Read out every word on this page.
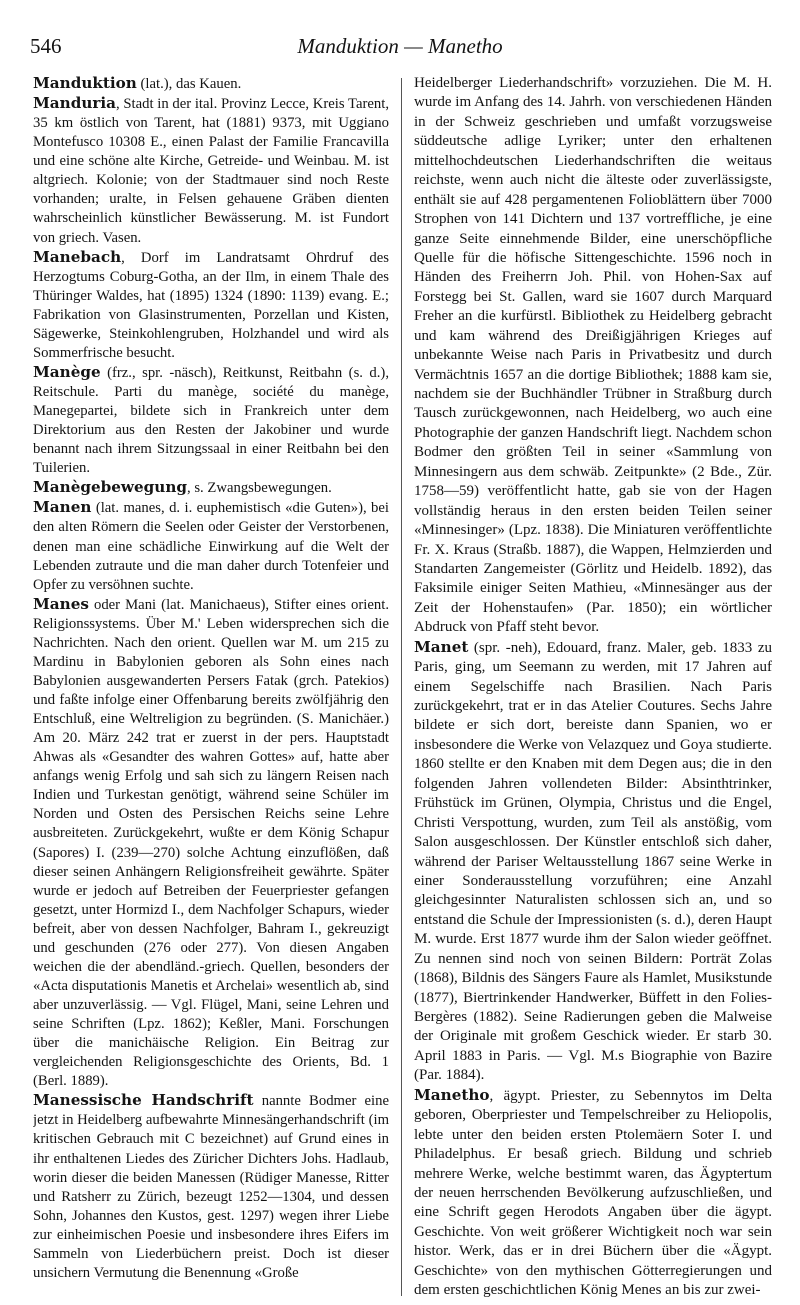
546	Manduktion — Manetho

Manduktion (lat.), das Kauen.

Manduria, Stadt in der ital. Provinz Lecce, Kreis Tarent, 35 km östlich von Tarent, hat (1881) 9373, mit Uggiano Montefusco 10308 E., einen Palast der Familie Francavilla und eine schöne alte Kirche, Getreide- und Weinbau. M. ist altgriech. Kolonie; von der Stadtmauer sind noch Reste vorhanden; uralte, in Felsen gehauene Gräben dienten wahrscheinlich künstlicher Bewässerung. M. ist Fundort von griech. Vasen.

Manebach, Dorf im Landratsamt Ohrdruf des Herzogtums Coburg-Gotha, an der Ilm, in einem Thale des Thüringer Waldes, hat (1895) 1324 (1890: 1139) evang. E.; Fabrikation von Glasinstrumenten, Porzellan und Kisten, Sägewerke, Steinkohlengruben, Holzhandel und wird als Sommerfrische besucht.

Manège (frz., spr. -näsch), Reitkunst, Reitbahn (s. d.), Reitschule. Parti du manège, société du manège, Manegepartei, bildete sich in Frankreich unter dem Direktorium aus den Resten der Jakobiner und wurde benannt nach ihrem Sitzungssaal in einer Reitbahn bei den Tuilerien.

Manègebewegung, s. Zwangsbewegungen.

Manen (lat. manes, d. i. euphemistisch «die Guten»), bei den alten Römern die Seelen oder Geister der Verstorbenen, denen man eine schädliche Einwirkung auf die Welt der Lebenden zutraute und die man daher durch Totenfeier und Opfer zu versöhnen suchte.

Manes oder Mani (lat. Manichaeus), Stifter eines orient. Religionssystems. Über M.' Leben widersprechen sich die Nachrichten. Nach den orient. Quellen war M. um 215 zu Mardinu in Babylonien geboren als Sohn eines nach Babylonien ausgewanderten Persers Fatak (grch. Patekios) und faßte infolge einer Offenbarung bereits zwölfjährig den Entschluß, eine Weltreligion zu begründen. (S. Manichäer.) Am 20. März 242 trat er zuerst in der pers. Hauptstadt Ahwas als «Gesandter des wahren Gottes» auf, hatte aber anfangs wenig Erfolg und sah sich zu längern Reisen nach Indien und Turkestan genötigt, während seine Schüler im Norden und Osten des Persischen Reichs seine Lehre ausbreiteten. Zurückgekehrt, wußte er dem König Schapur (Sapores) I. (239—270) solche Achtung einzuflößen, daß dieser seinen Anhängern Religionsfreiheit gewährte. Später wurde er jedoch auf Betreiben der Feuerpriester gefangen gesetzt, unter Hormizd I., dem Nachfolger Schapurs, wieder befreit, aber von dessen Nachfolger, Bahram I., gekreuzigt und geschunden (276 oder 277). Von diesen Angaben weichen die der abendländ.-griech. Quellen, besonders der «Acta disputationis Manetis et Archelai» wesentlich ab, sind aber unzuverlässig. — Vgl. Flügel, Mani, seine Lehren und seine Schriften (Lpz. 1862); Keßler, Mani. Forschungen über die manichäische Religion. Ein Beitrag zur vergleichenden Religionsgeschichte des Orients, Bd. 1 (Berl. 1889).

Manessische Handschrift nannte Bodmer eine jetzt in Heidelberg aufbewahrte Minnesängerhandschrift (im kritischen Gebrauch mit C bezeichnet) auf Grund eines in ihr enthaltenen Liedes des Züricher Dichters Johs. Hadlaub, worin dieser die beiden Manessen (Rüdiger Manesse, Ritter und Ratsherr zu Zürich, bezeugt 1252—1304, und dessen Sohn, Johannes den Kustos, gest. 1297) wegen ihrer Liebe zur einheimischen Poesie und insbesondere ihres Eifers im Sammeln von Liederbüchern preist. Doch ist dieser unsichern Vermutung die Benennung «Große

Heidelberger Liederhandschrift» vorzuziehen. Die M. H. wurde im Anfang des 14. Jahrh. von verschiedenen Händen in der Schweiz geschrieben und umfaßt vorzugsweise süddeutsche adlige Lyriker; unter den erhaltenen mittelhochdeutschen Liederhandschriften die weitaus reichste, wenn auch nicht die älteste oder zuverlässigste, enthält sie auf 428 pergamentenen Folioblättern über 7000 Strophen von 141 Dichtern und 137 vortreffliche, je eine ganze Seite einnehmende Bilder, eine unerschöpfliche Quelle für die höfische Sittengeschichte. 1596 noch in Händen des Freiherrn Joh. Phil. von Hohen-Sax auf Forstegg bei St. Gallen, ward sie 1607 durch Marquard Freher an die kurfürstl. Bibliothek zu Heidelberg gebracht und kam während des Dreißigjährigen Krieges auf unbekannte Weise nach Paris in Privatbesitz und durch Vermächtnis 1657 an die dortige Bibliothek; 1888 kam sie, nachdem sie der Buchhändler Trübner in Straßburg durch Tausch zurückgewonnen, nach Heidelberg, wo auch eine Photographie der ganzen Handschrift liegt. Nachdem schon Bodmer den größten Teil in seiner «Sammlung von Minnesingern aus dem schwäb. Zeitpunkte» (2 Bde., Zür. 1758—59) veröffentlicht hatte, gab sie von der Hagen vollständig heraus in den ersten beiden Teilen seiner «Minnesinger» (Lpz. 1838). Die Miniaturen veröffentlichte Fr. X. Kraus (Straßb. 1887), die Wappen, Helmzierden und Standarten Zangemeister (Görlitz und Heidelb. 1892), das Faksimile einiger Seiten Mathieu, «Minnesänger aus der Zeit der Hohenstaufen» (Par. 1850); ein wörtlicher Abdruck von Pfaff steht bevor.

Manet (spr. -neh), Edouard, franz. Maler, geb. 1833 zu Paris, ging, um Seemann zu werden, mit 17 Jahren auf einem Segelschiffe nach Brasilien. Nach Paris zurückgekehrt, trat er in das Atelier Coutures. Sechs Jahre bildete er sich dort, bereiste dann Spanien, wo er insbesondere die Werke von Velazquez und Goya studierte. 1860 stellte er den Knaben mit dem Degen aus; die in den folgenden Jahren vollendeten Bilder: Absinthtrinker, Frühstück im Grünen, Olympia, Christus und die Engel, Christi Verspottung, wurden, zum Teil als anstößig, vom Salon ausgeschlossen. Der Künstler entschloß sich daher, während der Pariser Weltausstellung 1867 seine Werke in einer Sonderausstellung vorzuführen; eine Anzahl gleichgesinnter Naturalisten schlossen sich an, und so entstand die Schule der Impressionisten (s. d.), deren Haupt M. wurde. Erst 1877 wurde ihm der Salon wieder geöffnet. Zu nennen sind noch von seinen Bildern: Porträt Zolas (1868), Bildnis des Sängers Faure als Hamlet, Musikstunde (1877), Biertrinkender Handwerker, Büffett in den Folies-Bergères (1882). Seine Radierungen geben die Malweise der Originale mit großem Geschick wieder. Er starb 30. April 1883 in Paris. — Vgl. M.s Biographie von Bazire (Par. 1884).

Manetho, ägypt. Priester, zu Sebennytos im Delta geboren, Oberpriester und Tempelschreiber zu Heliopolis, lebte unter den beiden ersten Ptolemäern Soter I. und Philadelphus. Er besaß griech. Bildung und schrieb mehrere Werke, welche bestimmt waren, das Ägyptertum der neuen herrschenden Bevölkerung aufzuschließen, und eine Schrift gegen Herodots Angaben über die ägypt. Geschichte. Von weit größerer Wichtigkeit noch war sein histor. Werk, das er in drei Büchern über die «Ägypt. Geschichte» von den mythischen Götterregierungen und dem ersten geschichtlichen König Menes an bis zur zwei-
